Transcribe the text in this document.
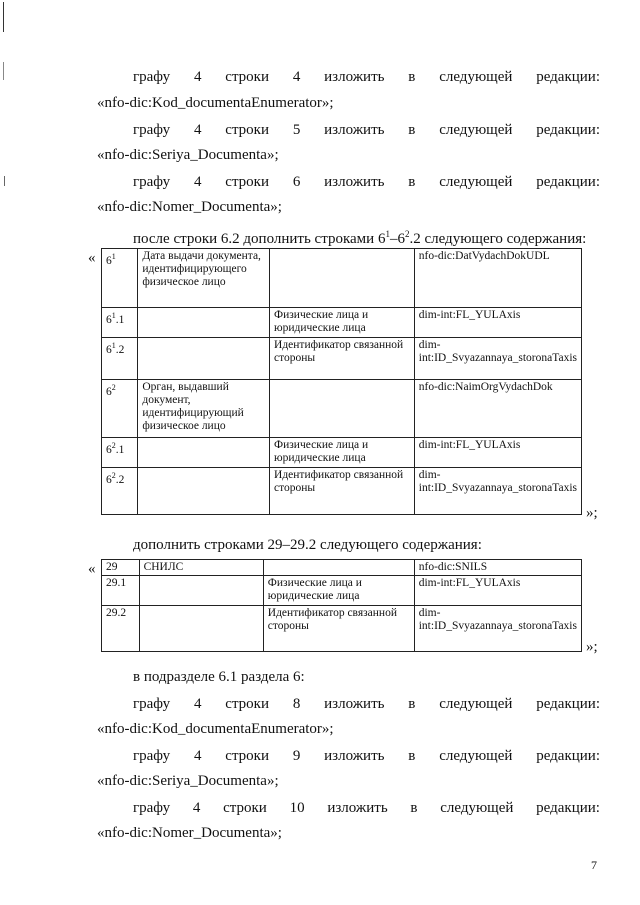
графу 4 строки 4 изложить в следующей редакции:
«nfo-dic:Kod_documentaEnumerator»;
графу 4 строки 5 изложить в следующей редакции:
«nfo-dic:Seriya_Documenta»;
графу 4 строки 6 изложить в следующей редакции:
«nfo-dic:Nomer_Documenta»;
после строки 6.2 дополнить строками $6^1-6^2.2$ следующего содержания:
« $6^1$	Дата выдачи документа, идентифицирующего физическое лицо		nfo-dic:DatVydachDokUDL
$6^1.1$		Физические лица и юридические лица	dim-int:FL_YULAxis
$6^1.2$		Идентификатор связанной стороны	dim-int:ID_Svyazannaya_storonaTaxis
$6^2$	Орган, выдавший документ, идентифицирующий физическое лицо		nfo-dic:NaimOrgVydachDok
$6^2.1$		Физические лица и юридические лица	dim-int:FL_YULAxis
$6^2.2$		Идентификатор связанной стороны	dim-int:ID_Svyazannaya_storonaTaxis
»;
дополнить строками 29–29.2 следующего содержания:
« 29	СНИЛС		nfo-dic:SNILS
29.1		Физические лица и юридические лица	dim-int:FL_YULAxis
29.2		Идентификатор связанной стороны	dim-int:ID_Svyazannaya_storonaTaxis
»;
в подразделе 6.1 раздела 6:
графу 4 строки 8 изложить в следующей редакции:
«nfo-dic:Kod_documentaEnumerator»;
графу 4 строки 9 изложить в следующей редакции:
«nfo-dic:Seriya_Documenta»;
графу 4 строки 10 изложить в следующей редакции:
«nfo-dic:Nomer_Documenta»;
7
